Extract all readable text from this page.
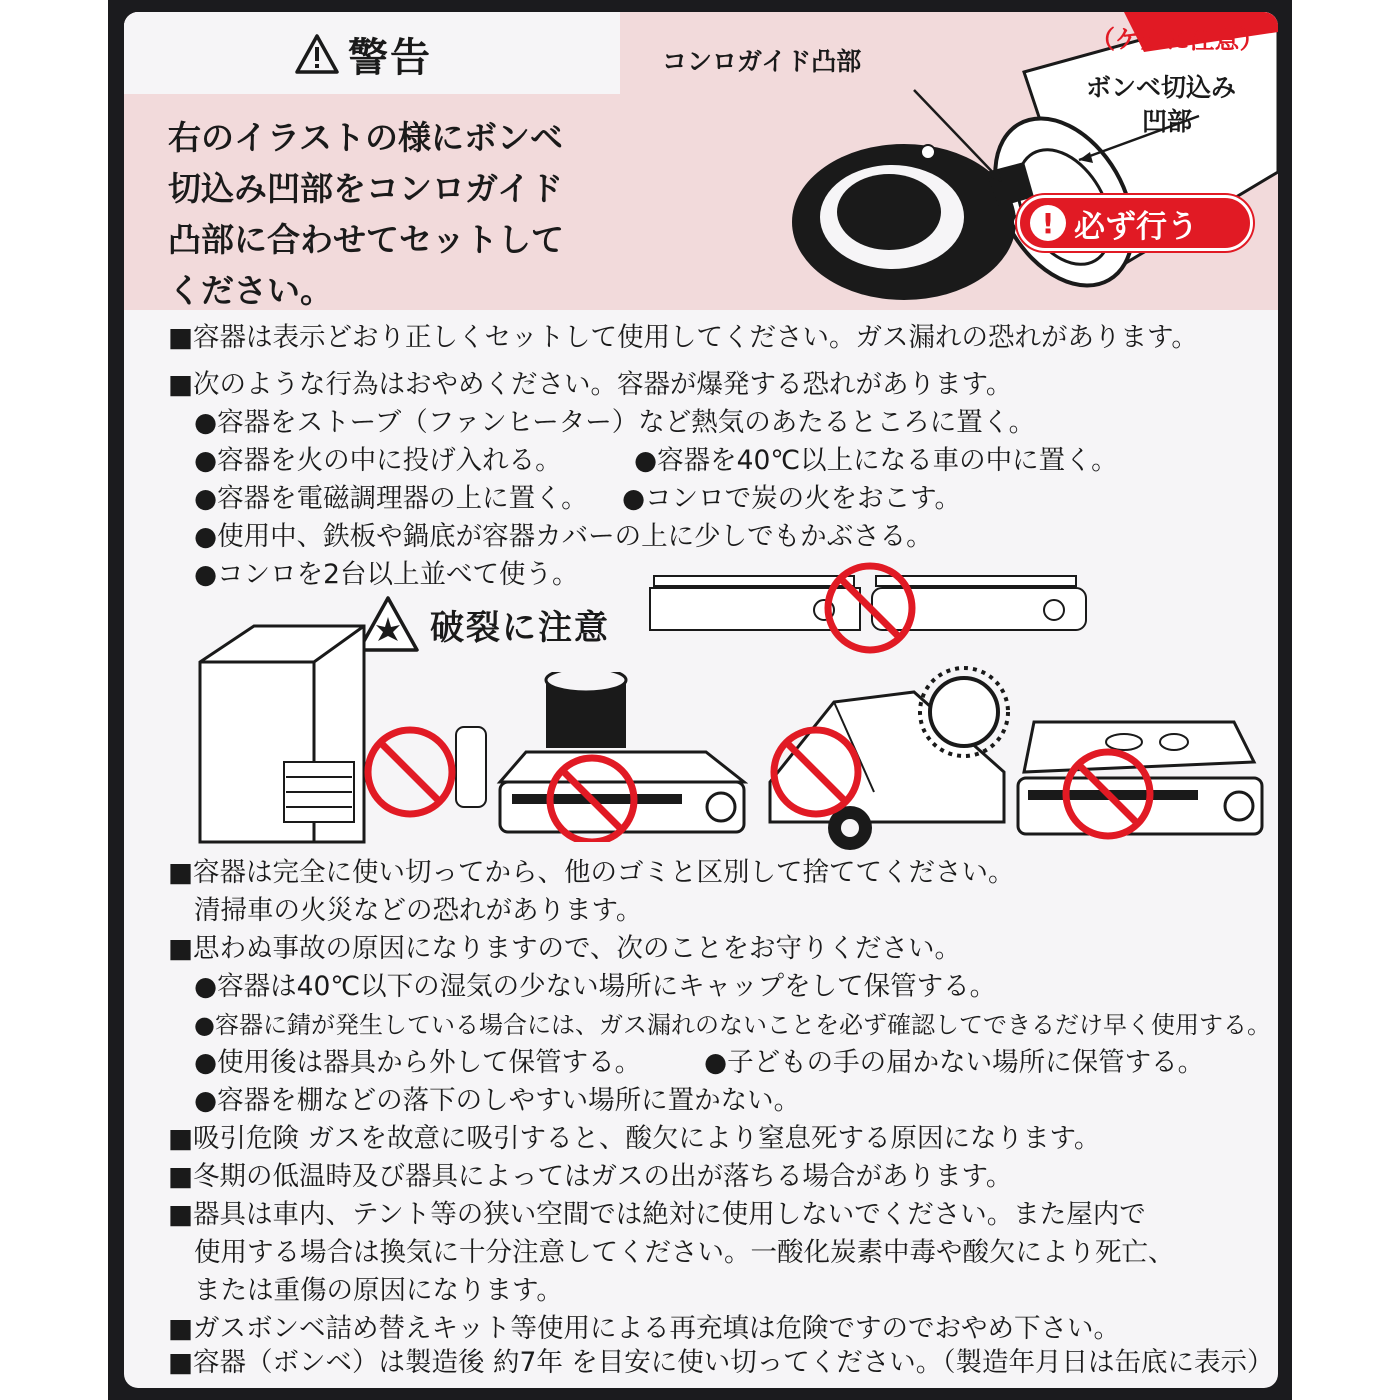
警告
右のイラストの様にボンベ
切込み凹部をコンロガイド
凸部に合わせてセットして
ください。
コンロガイド凸部
（ケガに注意）
ボンベ切込み
凹部
! 必ず行う
■容器は表示どおり正しくセットして使用してください。ガス漏れの恐れがあります。
■次のような行為はおやめください。容器が爆発する恐れがあります。
●容器をストーブ（ファンヒーター）など熱気のあたるところに置く。
●容器を火の中に投げ入れる。	●容器を40℃以上になる車の中に置く。
●容器を電磁調理器の上に置く。 ●コンロで炭の火をおこす。
●使用中、鉄板や鍋底が容器カバーの上に少しでもかぶさる。
●コンロを2台以上並べて使う。
破裂に注意
■容器は完全に使い切ってから、他のゴミと区別して捨ててください。
清掃車の火災などの恐れがあります。
■思わぬ事故の原因になりますので、次のことをお守りください。
●容器は40℃以下の湿気の少ない場所にキャップをして保管する。
●容器に錆が発生している場合には、ガス漏れのないことを必ず確認してできるだけ早く使用する。
●使用後は器具から外して保管する。 ●子どもの手の届かない場所に保管する。
●容器を棚などの落下のしやすい場所に置かない。
■吸引危険 ガスを故意に吸引すると、酸欠により窒息死する原因になります。
■冬期の低温時及び器具によってはガスの出が落ちる場合があります。
■器具は車内、テント等の狭い空間では絶対に使用しないでください。また屋内で
使用する場合は換気に十分注意してください。一酸化炭素中毒や酸欠により死亡、
または重傷の原因になります。
■ガスボンベ詰め替えキット等使用による再充填は危険ですのでおやめ下さい。
■容器（ボンベ）は製造後 約7年 を目安に使い切ってください。（製造年月日は缶底に表示）
